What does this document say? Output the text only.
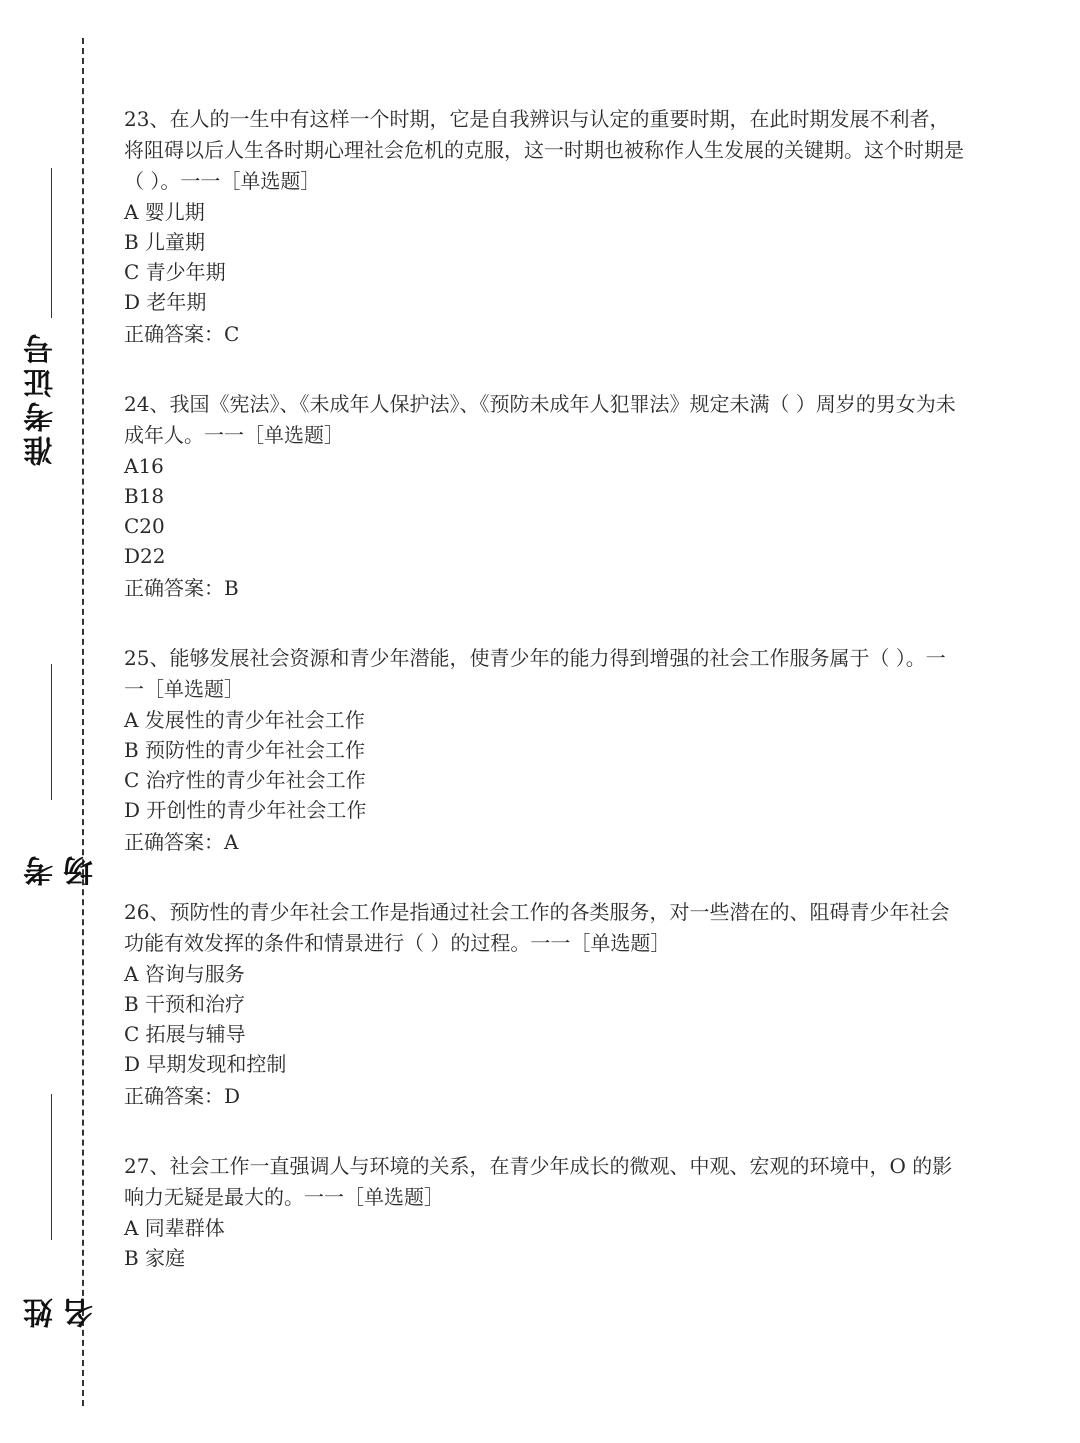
准考证号
考场
姓名

23、在人的一生中有这样一个时期，它是自我辨识与认定的重要时期，在此时期发展不利者， 将阻碍以后人生各时期心理社会危机的克服，这一时期也被称作人生发展的关键期。这个时期是（ ）。一一［单选题］

A 婴儿期

B 儿童期

C 青少年期

D 老年期

正确答案：C

24、我国《宪法》、《未成年人保护法》、《预防未成年人犯罪法》规定未满（ ）周岁的男女为未成年人。一一［单选题］

A16

B18

C20

D22

正确答案：B

25、能够发展社会资源和青少年潜能，使青少年的能力得到增强的社会工作服务属于（ ）。一一［单选题］

A 发展性的青少年社会工作

B 预防性的青少年社会工作

C 治疗性的青少年社会工作

D 开创性的青少年社会工作

正确答案：A

26、预防性的青少年社会工作是指通过社会工作的各类服务，对一些潜在的、阻碍青少年社会功能有效发挥的条件和情景进行（ ）的过程。一一［单选题］

A 咨询与服务

B 干预和治疗

C 拓展与辅导

D 早期发现和控制

正确答案：D

27、社会工作一直强调人与环境的关系，在青少年成长的微观、中观、宏观的环境中，O 的影响力无疑是最大的。一一［单选题］

A 同辈群体

B 家庭
